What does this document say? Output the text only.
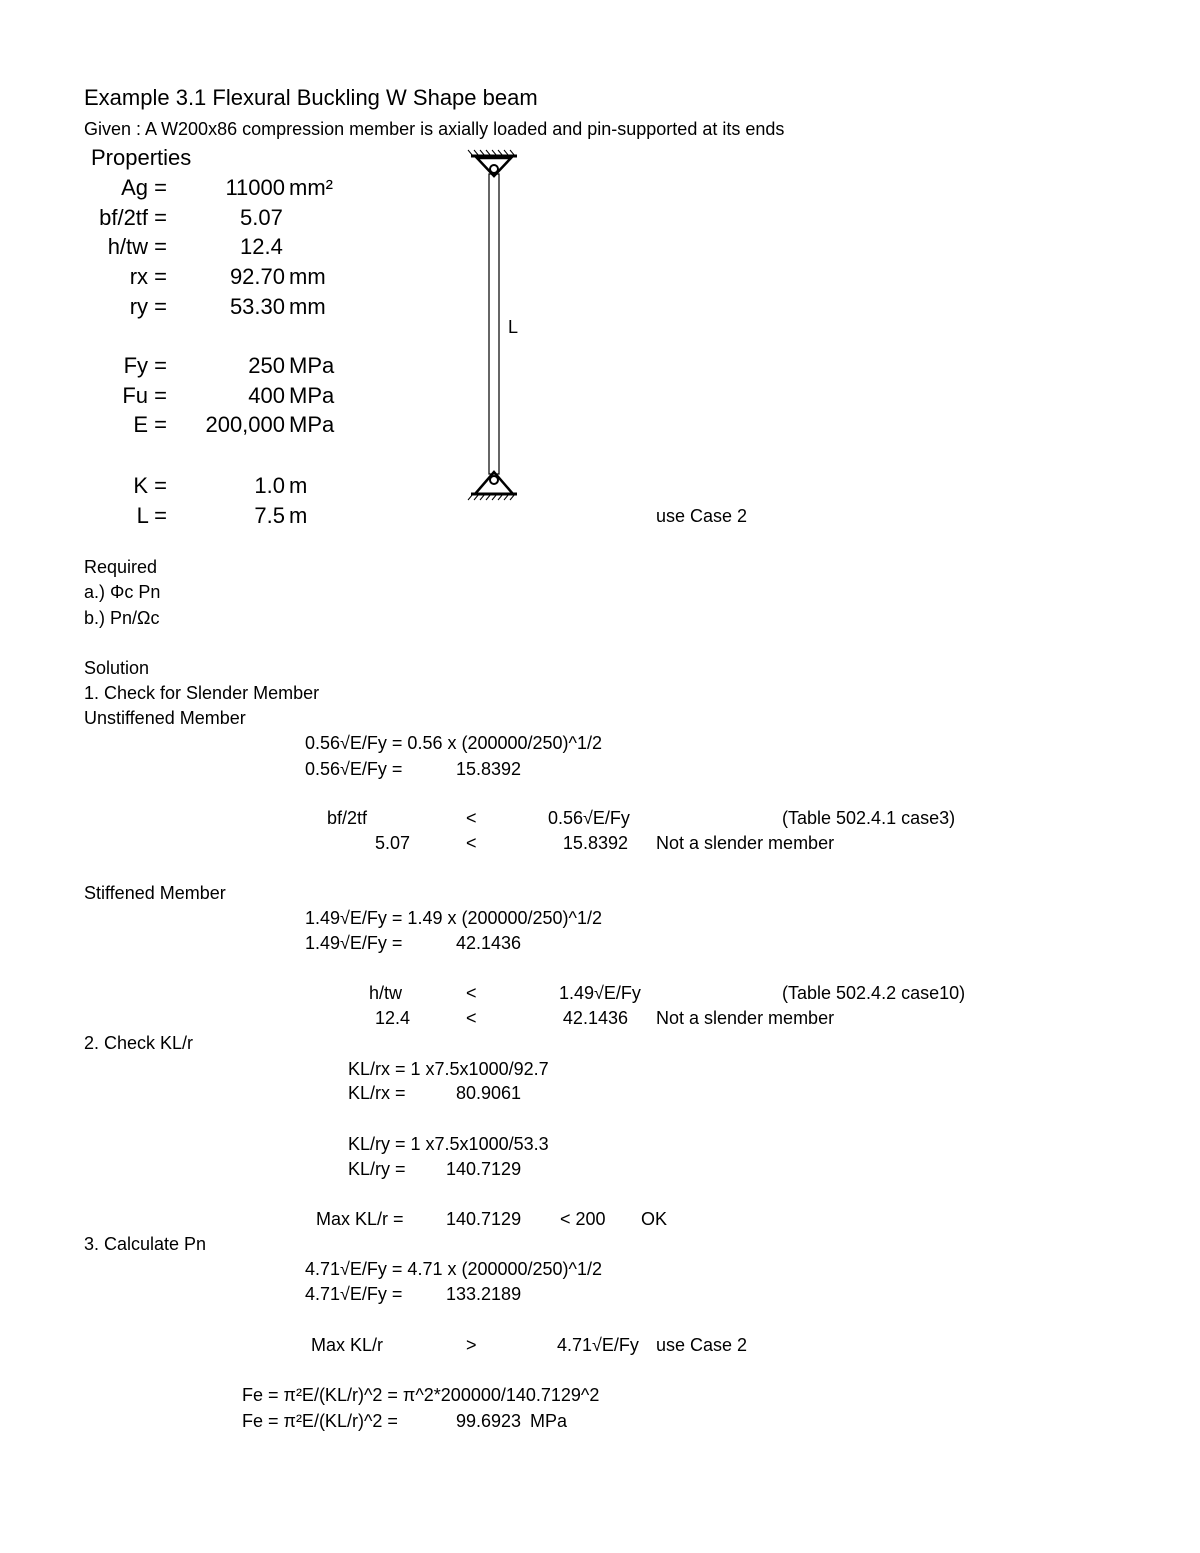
Example 3.1 Flexural Buckling W Shape beam
Given : A W200x86 compression member is axially loaded and pin-supported at its ends
Properties
Ag =	11000 mm²
bf/2tf =	5.07
h/tw =	12.4
rx =	92.70 mm
ry =	53.30 mm
Fy =	250 MPa
Fu =	400 MPa
E =	200,000 MPa
K =	1.0 m
L =	7.5 m
L
use Case 2
Required
a.) Φc Pn
b.) Pn/Ωc
Solution
1. Check for Slender Member
Unstiffened Member
0.56√E/Fy = 0.56 x (200000/250)^1/2
0.56√E/Fy =	15.8392
bf/2tf	<	0.56√E/Fy	(Table 502.4.1 case3)
5.07	<	15.8392 Not a slender member
Stiffened Member
1.49√E/Fy = 1.49 x (200000/250)^1/2
1.49√E/Fy =	42.1436
h/tw	<	1.49√E/Fy	(Table 502.4.2 case10)
12.4	<	42.1436 Not a slender member
2. Check KL/r
KL/rx = 1 x7.5x1000/92.7
KL/rx =	80.9061
KL/ry = 1 x7.5x1000/53.3
KL/ry = 140.7129
Max KL/r = 140.7129 < 200 OK
3. Calculate Pn
4.71√E/Fy = 4.71 x (200000/250)^1/2
4.71√E/Fy = 133.2189
Max KL/r	>	4.71√E/Fy use Case 2
Fe = π²E/(KL/r)^2 = π^2*200000/140.7129^2
Fe = π²E/(KL/r)^2 =	99.6923 MPa
